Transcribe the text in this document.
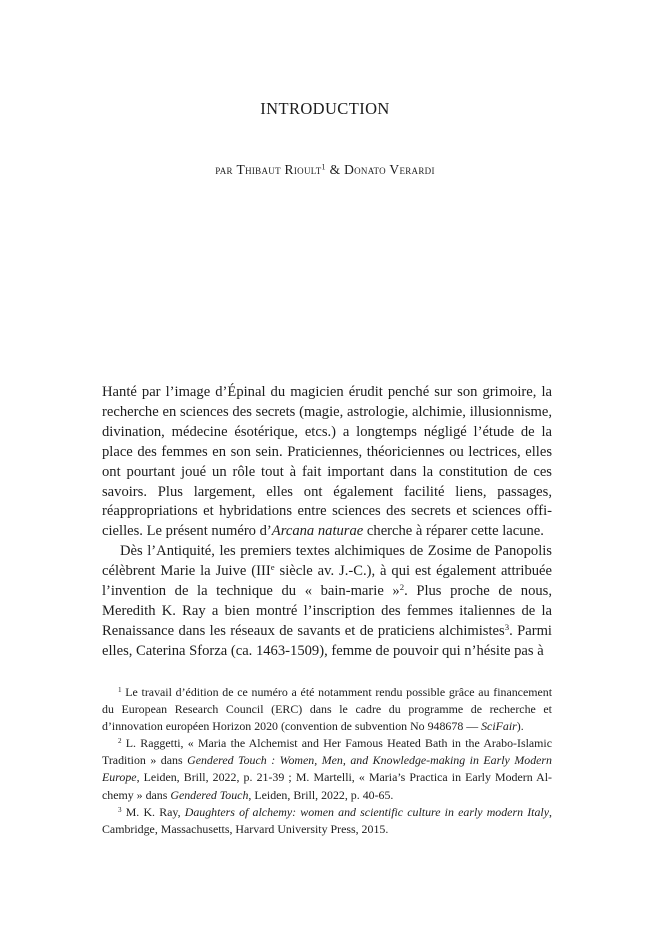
INTRODUCTION
par Thibaut Rioult$^1$ & Donato Verardi

Hanté par l’image d’Épinal du magicien érudit penché sur son grimoire, la recherche en sciences des secrets (magie, astrologie, alchimie, illusionnisme, divination, médecine ésotérique, etcs.) a longtemps négligé l’étude de la place des femmes en son sein. Praticiennes, théoriciennes ou lectrices, elles ont pourtant joué un rôle tout à fait important dans la constitution de ces savoirs. Plus largement, elles ont également facilité liens, passages, réappropriations et hybridations entre sciences des secrets et sciences officielles. Le présent numéro d’Arcana naturae cherche à réparer cette lacune.

Dès l’Antiquité, les premiers textes alchimiques de Zosime de Panopolis célèbrent Marie la Juive (IIIe siècle av. J.-C.), à qui est également attribuée l’invention de la technique du « bain-marie »$^2$. Plus proche de nous, Meredith K. Ray a bien montré l’inscription des femmes italiennes de la Renaissance dans les réseaux de savants et de praticiens alchimistes$^3$. Parmi elles, Caterina Sforza (ca. 1463-1509), femme de pouvoir qui n’hésite pas à

$^1$ Le travail d’édition de ce numéro a été notamment rendu possible grâce au financement du European Research Council (ERC) dans le cadre du programme de recherche et d’innovation européen Horizon 2020 (convention de subvention No 948678 — SciFair).

$^2$ L. Raggetti, « Maria the Alchemist and Her Famous Heated Bath in the Arabo-Islamic Tradition » dans Gendered Touch : Women, Men, and Knowledge-making in Early Modern Europe, Leiden, Brill, 2022, p. 21-39 ; M. Martelli, « Maria’s Practica in Early Modern Alchemy » dans Gendered Touch, Leiden, Brill, 2022, p. 40-65.

$^3$ M. K. Ray, Daughters of alchemy: women and scientific culture in early modern Italy, Cambridge, Massachusetts, Harvard University Press, 2015.
